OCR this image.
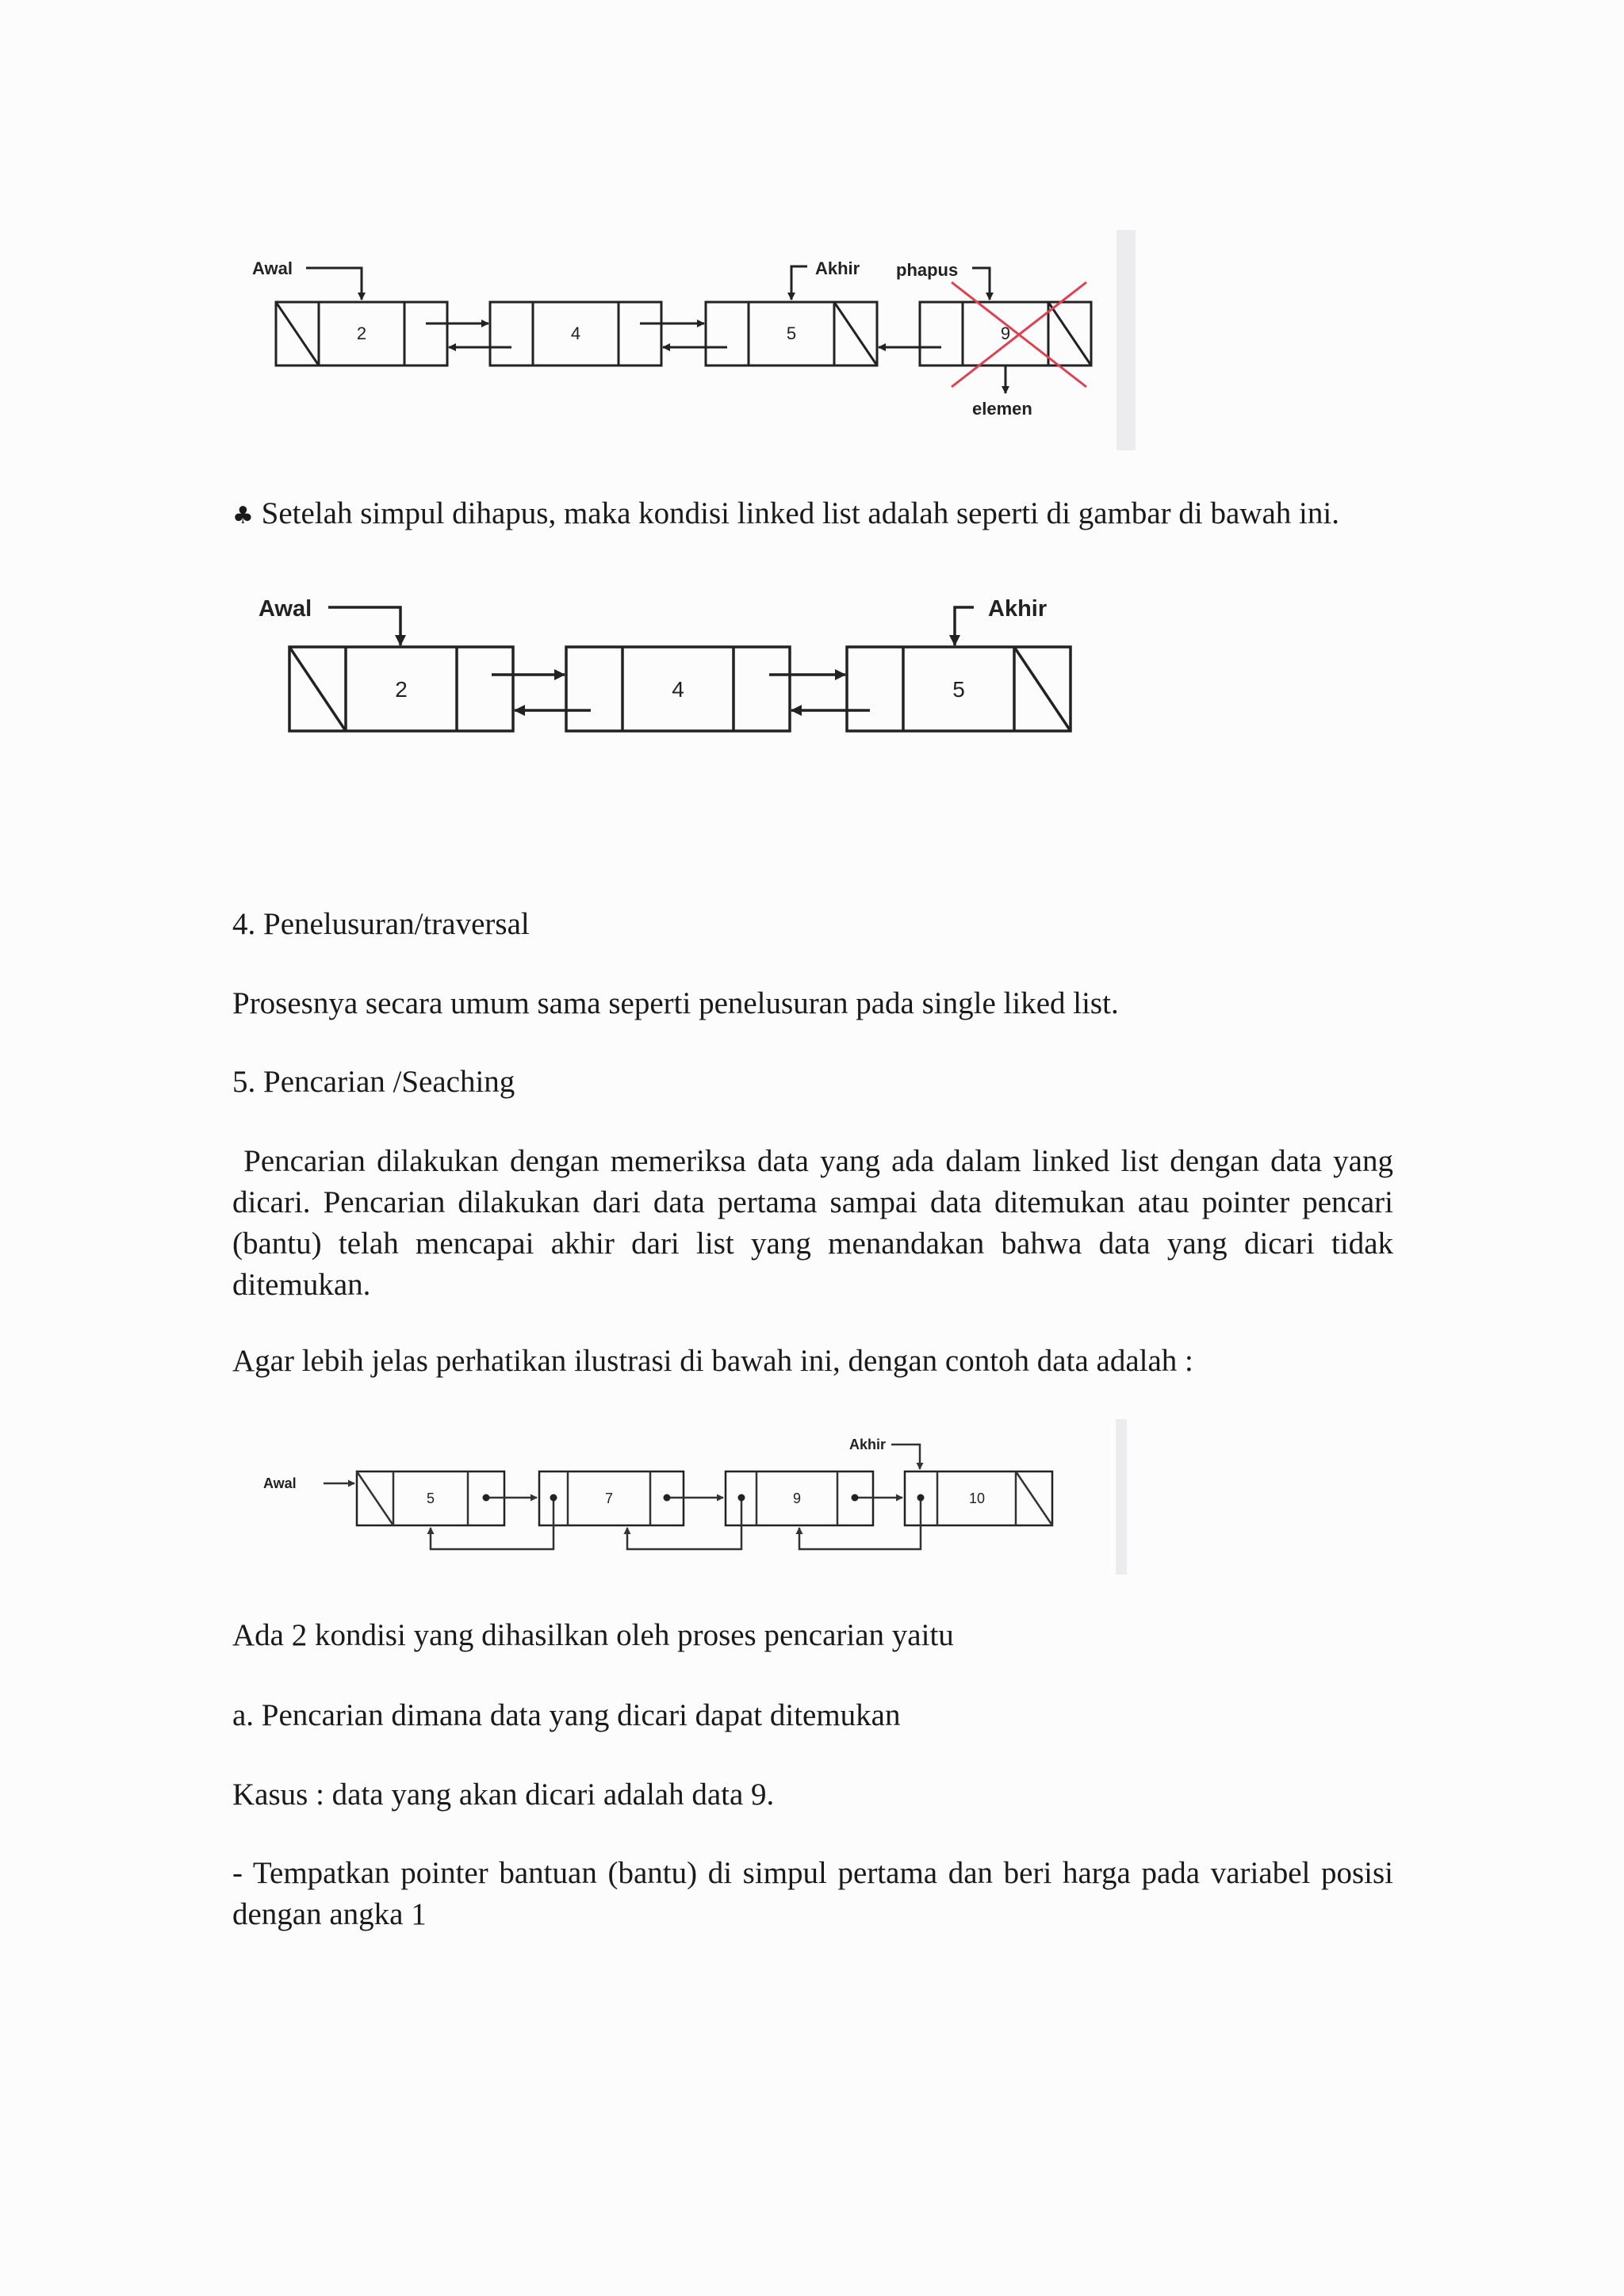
Awal	Akhir phapus
elemen
2	4	5	9

♣ Setelah simpul dihapus, maka kondisi linked list adalah seperti di gambar di bawah ini.

Awal	Akhir
2	4	5

4. Penelusuran/traversal

Prosesnya secara umum sama seperti penelusuran pada single liked list.

5. Pencarian /Seaching

Pencarian dilakukan dengan memeriksa data yang ada dalam linked list dengan data yang dicari. Pencarian dilakukan dari data pertama sampai data ditemukan atau pointer pencari (bantu) telah mencapai akhir dari list yang menandakan bahwa data yang dicari tidak ditemukan.

Agar lebih jelas perhatikan ilustrasi di bawah ini, dengan contoh data adalah :

Awal
Akhir
5	7	9	10

Ada 2 kondisi yang dihasilkan oleh proses pencarian yaitu

a. Pencarian dimana data yang dicari dapat ditemukan

Kasus : data yang akan dicari adalah data 9.

- Tempatkan pointer bantuan (bantu) di simpul pertama dan beri harga pada variabel posisi dengan angka 1
